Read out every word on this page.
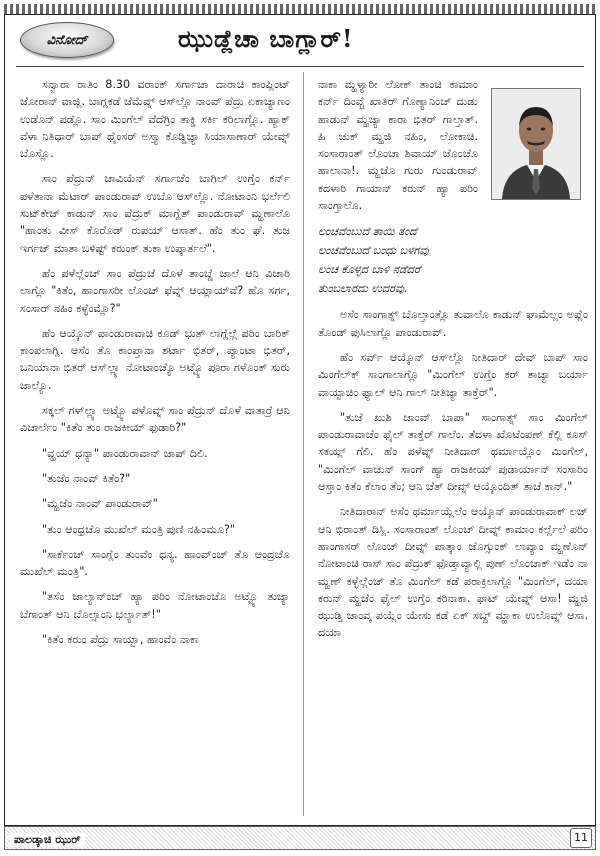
ವಿನೋದ್	ಝುಡ್ಲೆಚಾ ಬಾಗ್ಲಾರ್!

ಸನ್ವಾರಾ ರಾತಿಂ 8.30 ವರಾಂಕ್ ಸರ್ಗಾಚಾ ದಾರಾಚಿ ಕಾಂಪ್ಲಿಂಟ್ ಜೋರಾನ್ ವಾಜ್ಲಿ. ಬಾಗ್ಲಕಡೆ ಜೆಮೆವ್ನ್ ಆಸ್‌ಲ್ಲೊ ನಾಂವ್ ಪೆದ್ರು ಏಕಾಚ್ಯಾಣಂ ಉಡೊನ್ ಪಡ್ಲೊ. ಸಾಂ ಮಿಂಗೆಲ್ ವೆದೆಗ್ರಿಂ ತಾಕ್ಡಿ ಸರ್ಕಿ ಕರಿಲಾಗ್ಲೊ. ಹ್ಯಾಕ್ ವೆಳಾ ನಿತಿಧಾರ್ ಬಾಪ್ ಥೈಂಸರ್ ಅಸ್ತ್ಯಾ ಕೊಡ್ಡಿಚ್ಯಾ ಸಿಯಾಸಾಣಾರ್ ಯೇವ್ನ್ ಬೊಸ್ಲೊ.

ಸಾಂ ಪೆದ್ರುನ್ ಚಾವಿಯೆನ್ ಸರ್ಗಾಚೆಂ ಬಾಗಿಲ್ ಉಗ್ತೆಂ ಕರ್ನ್ ಪಳೆತಾನಾ ಮೆಟಾರ್ ಪಾಂಡುರಾವ್ ಉಬೊ ಆಸ್‌ಲ್ಲೊ. ನೋಟಾಂನಿ ಭರ್ಲೆಲಿ ಸುಟ್‌ಕೇಜ್ ಕಾಡುನ್ ಸಾಂ ಪೆದ್ರುಕ್ ಮಾಗ್ಲೆತ್ ಪಾಂಡುರಾವ್ ಮ್ಹಣಾಲೊ "ಹಾಂತು ವೀಸ್ ಕೊರೊಡ್ ರುಪಯ್ ಆಸಾತ್. ಹೆಂ ತುಂ ಘೆ. ತುಜ ಇರ್ಗಜ್ ಮಾತಾ ಬಳಿಷ್ಟ್ ಕರುಂಕ್ ತುಕಾ ಉಪ್ಕಾರ್ತಲೆ".

ಹೆಂ ಪಳೆಲ್ಲೆಂಚ್ ಸಾಂ ಪೆದ್ರುಚೆ ದೊಳೆ ತಾಂಬ್ಡೆ ಜಾಲೆ ಆನಿ ವಿಚಾರಿ ಲಾಗ್ಲೊ "ಕಿತೆಂ, ಹಾಂಗಾಸರೀ ಲೊಂಚ್ ಫೆವ್ನ್ ಆಯ್ಲಾಯ್‌ವೆ? ಹೊ ಸರ್ಗ, ಸಂಸಾರ್ ನಹಿಂ ಕಳ್ಳೆಂಮ್ಲೊ?"

ಹೆಂ ಆಯ್ಕೊನ್ ಪಾಂಡುರಾವಾಚಿ ಕೂಡ್ ಭುತ್ ಲಾಗ್ಲೆಲ್ಲೆ ಪರಿಂ ಬಾರಿಕ್ ಕಾಂಪಲಾಗ್ಲಿ. ಆಸೆಂ ತೊ ಕಾಂಪ್ತಾನಾ ಶರ್ಟಾ ಭಿತರ್, ಪ್ಯಾಂಟಾ ಭಿತರ್, ಬನಿಯಾನಾ ಭಿತರ್ ಆಸ್‌ಲ್ಲ್ಯಾ ನೋಟಾಂಚ್ಯೊ ಅಟ್ಟ್ಯೊ ಪೂರಾ ಗಳೊಂಕ್ ಸುರು ಜಾಲ್ಯೊ.

ಸಕ್ಕಲ್ ಗಳ್‌ಲ್ಲ್ಯಾ ಅಟ್ಟ್ಯೊ ಪಳೊವ್ನ್ ಸಾಂ ಪೆದ್ರುನ್ ದೊಳೆ ವಾತಾರ್ರೆ ಆನಿ ವಿಚಾರ್ಲೆಂ "ಕಿತೆಂ ತುಂ ರಾಜಕೀಯ್ ಫುಡಾರಿ?"

"ವ್ಹಯ್ ಧನ್ಯಾ" ಪಾಂಡುರಾವಾನ್ ಜಾಪ್ ದಿಲಿ.

"ತುಜೆಂ ನಾಂವ್ ಕಿತೆಂ?"

"ಮ್ಹಜೆಂ ನಾಂವ್ ಪಾಂಡುರಾವ್"

"ತುಂ ಆಂಧ್ರಚೊ ಮುಖೆಲ್ ಮಂತ್ರಿ ಪುಣಿ ನಹಿಂಮೂ?"

"ಸಾರ್ಕೆಂಚ್ ಸಾಂಗ್ಲೆಂ ತುಂವೆಂ ಧನ್ಯ. ಹಾಂವ್‌ಂಚ್ ತೊ ಆಂದ್ರಚೊ ಮುಖೆಲ್ ಮಂತ್ರಿ".

"ತಸೆಂ ಜಾಲ್ಯಾನ್‌ಂಚ್ ಹ್ಯಾ ಪರಿಂ ನೋಟಾಂಚೊ ಅಟ್ಟ್ಯೊ ತುಜ್ಯಾ ಬೆಗಾಂತ್ ಆನಿ ಬೊಲ್ಸಾಂನಿ ಭರ್ಲ್ಯಾತ್!"

"ಕಿತೆಂ ಕರುಂ ಪೆದ್ರು ಸಾಯ್ಬಾ, ಹಾಂವೆಂ ನಾಕಾ

ನಾಕಾ ಮ್ಹಳ್ಯಾರೀ ಲೋಕ್ ತಾಂಚಿ ಕಾಮಾಂ ಕರ್ನ್ ದಿಂವ್ಚೆ ಖಾತಿರ್ ಗೊಣ್ಯಾನಿಂಚ್ ದುಡು ಹಾಡುನ್ ಮ್ಹಜ್ಯಾ ಕಾರಾ ಭಿತರ್ ಗಾಲ್ತಾತ್. ಹಿ ಚುಕ್ ಮ್ಹಜಿ ನಹಿಂ, ಲೋಕಾಚಿ. ಸಂಸಾರಾಂತ್ ಲೊಂಚಾ ಶಿವಾಯ್ ಜೊಂಚೊ ಹಾಲಾನಾ!. ಮ್ಹಜೊ ಗುರು ಗುಂಡುರಾವ್ ಕದಳಾರಿ ಗಾಯಾನ್ ಕರುನ್ ಹ್ಯಾ ಪರಿಂ ಸಾಂಗ್ತಾಲೊ.

ಲಂಚವೆಂಬುದೆ ತಾಯಿ ತಂದೆ
ಲಂಚವೆಂಬುದೆ ಬಂಧು ಬಳಗವು
ಲಂಚ ಕೊಳ್ಳದ ಬಾಳಿ ನಡೆದರೆ
ತುಂಬಲಾರದು ಉದರವು.

ಅಸೆಂ ಸಾಂಗಾತ್ನ್ ಬೊಲ್ತಾಂತ್ಲೊ ತುವಾಲೊ ಕಾಡುನ್ ಘಾಮೆಲ್ಲಂ ಅಪ್ಲೆಂ ತೊಂಡ್ ಪುಸಿಲಾಗ್ಲೊ ಪಾಂಡುರಾವ್.

ಹೆಂ ಸರ್ವ್ ಆಯ್ಕೊನ್ ಆಸ್‌ಲ್ಲೊ ನೀತಿದಾರ್ ದೇವ್ ಬಾಪ್ ಸಾಂ ಮಿಂಗೆಲ್‌ಕ್ ಸಾಂಗಾಲಾಗ್ಲೊ "ಮಿಂಗೆಲ್ ಉಗ್ತೆಂ ಕರ್ ತಾಚ್ಯಾ ಬರ್ಯಾ ವಾಯ್ಟಾಚಿಂ ಫ್ಯಾಲ್ ಆನಿ ಗಾಲ್ ನೀತಿಚ್ಯಾ ತಾಕ್ತೆರ್".

"ತುಜೆ ಖುಶಿ ಜಾಂವ್ ಬಾಪಾ" ಸಾಂಗಾತ್ನ್ ಸಾಂ ಮಿಂಗೆಲ್ ಪಾಂಡುರಾವಾಚೆಂ ಫೈಲ್ ತಾಕ್ತೆರ್ ಗಾಲೆಂ. ತೆದಳಾ ಖೊಟೆಂಪಣ್ ಕೆಲ್ಲಿ ಕೂಸ್ ಸಕಯ್ಲ್ ಗೆಲಿ. ಹೆಂ ಪಳೆವ್ನ್ ನೀತಿದಾರ್ ಥರ್ಮಾಯ್ಲೊಂ ಮಿಂಗೆಲ್, "ಮಿಂಗೆಲ್ ವಾಚುನ್ ಸಾಂಗ್ ಹ್ಯಾ ರಾಜಕೀಯ್ ಪುಡಾರ್ಯಾನ್ ಸಂಸಾರಿಂ ಆಸ್ತಾಂ ಕಿತೆಂ ಕೆಲಾಂ ತೆಂ; ಆನಿ ಚೆತ್ ದೀವ್ನ್ ಆಯ್ಕೊಂದಿತ್ ತಾಚೆ ಕಾನ್."

ನೀತಿದಾರಾನ್ ಅಸೆಂ ಥರ್ಮಾಯ್ಲೆಲೆಂ ಆಯ್ಕೊನ್ ಪಾಂಡುರಾವಾಕ್ ಲಜ್ ಆನಿ ಭಿರಾಂತ್ ದಿಸ್ಲಿ. ಸಂಸಾರಾಂತ್ ಲೊಂಚ್ ದೀವ್ನ್ ಕಾಮಾಂ ಕರ್ಲ್ಲೆಲೆ ಪರಿಂ ಹಾಂಗಾಸರ್ ಲೊಂಚ್ ದೀವ್ನ್ ಪಾತ್ಕಾಂ ಜೊಗ್ಸುಂಕ್ ಲಾವ್ಯಾಂ ಮ್ಹಣೊನ್ ನೋಟಾಂಚಿ ರಾಸ್ ಸಾಂ ಪೆದ್ರುಕ್ ಫೊಡ್ತಾವ್ಯಾಲ್ಲಿ ಪುಣ್ ಲೊಂಚಾಕ್ ಇಡೆಂ ನಾ ಮ್ಹಣ್ ಕಳ್ಳೆಲ್ಲೆಂಚ್ ತೊ ಮಿಂಗೆಲ್ ಕಡೆ ಪರಾಕ್ರಿಲಾಗ್ಲೊ "ಮಿಂಗೆಲ್, ದಯಾ ಕರುನ್ ಮ್ಹಜೆಂ ಫೈಲ್ ಉಗ್ತೆಂ ಕರಿನಾಕಾ. ಫಾಟ್ ಯೇವ್ನ್ ಆಸಾ! ಮ್ಹಜಿ ಝುಡ್ತಿ ಜಾಂವ್ಕ ಪಯ್ಲೆಂ ಯೇಸು ಕಡೆ ಏಕ್ ಸಬ್ದ್ ಮ್ಹಾಕಾ ಉಲೊವ್ನ್ ಆಸಾ. ದಯಾ

ಪಾಲಡ್ಕಾಚಿ ಝುರ್	11
